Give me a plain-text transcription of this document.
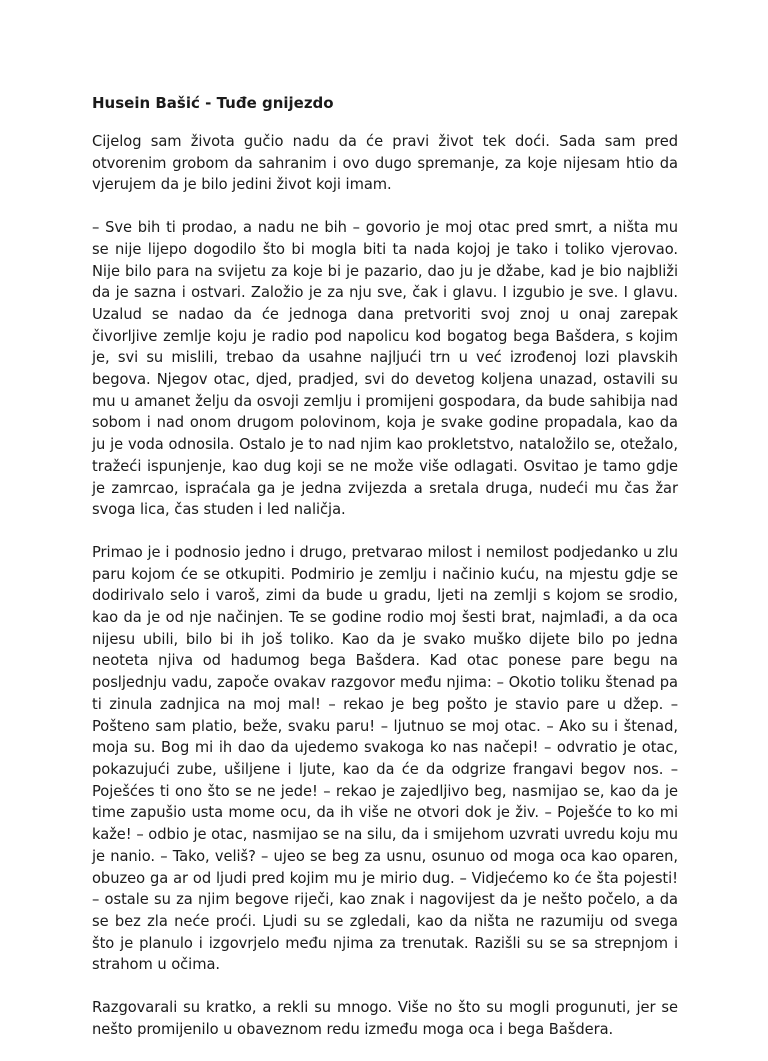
Husein Bašić - Tuđe gnijezdo

Cijelog sam života gučio nadu da će pravi život tek doći. Sada sam pred otvorenim grobom da sahranim i ovo dugo spremanje, za koje nijesam htio da vjerujem da je bilo jedini život koji imam.

– Sve bih ti prodao, a nadu ne bih – govorio je moj otac pred smrt, a ništa mu se nije lijepo dogodilo što bi mogla biti ta nada kojoj je tako i toliko vjerovao. Nije bilo para na svijetu za koje bi je pazario, dao ju je džabe, kad je bio najbliži da je sazna i ostvari. Založio je za nju sve, čak i glavu. I izgubio je sve. I glavu. Uzalud se nadao da će jednoga dana pretvoriti svoj znoj u onaj zarepak čivorljive zemlje koju je radio pod napolicu kod bogatog bega Bašdera, s kojim je, svi su mislili, trebao da usahne najljući trn u već izrođenoj lozi plavskih begova. Njegov otac, djed, pradjed, svi do devetog koljena unazad, ostavili su mu u amanet želju da osvoji zemlju i promijeni gospodara, da bude sahibija nad sobom i nad onom drugom polovinom, koja je svake godine propadala, kao da ju je voda odnosila. Ostalo je to nad njim kao prokletstvo, nataložilo se, otežalo, tražeći ispunjenje, kao dug koji se ne može više odlagati. Osvitao je tamo gdje je zamrcao, ispraćala ga je jedna zvijezda a sretala druga, nudeći mu čas žar svoga lica, čas studen i led naličja.

Primao je i podnosio jedno i drugo, pretvarao milost i nemilost podjedanko u zlu paru kojom će se otkupiti. Podmirio je zemlju i načinio kuću, na mjestu gdje se dodirivalo selo i varoš, zimi da bude u gradu, ljeti na zemlji s kojom se srodio, kao da je od nje načinjen. Te se godine rodio moj šesti brat, najmlađi, a da oca nijesu ubili, bilo bi ih još toliko. Kao da je svako muško dijete bilo po jedna neoteta njiva od hadumog bega Bašdera. Kad otac ponese pare begu na posljednju vadu, započe ovakav razgovor među njima: – Okotio toliku štenad pa ti zinula zadnjica na moj mal! – rekao je beg pošto je stavio pare u džep. – Pošteno sam platio, beže, svaku paru! – ljutnuo se moj otac. – Ako su i štenad, moja su. Bog mi ih dao da ujedemo svakoga ko nas načepi! – odvratio je otac, pokazujući zube, ušiljene i ljute, kao da će da odgrize frangavi begov nos. – Poješćes ti ono što se ne jede! – rekao je zajedljivo beg, nasmijao se, kao da je time zapušio usta mome ocu, da ih više ne otvori dok je živ. – Poješće to ko mi kaže! – odbio je otac, nasmijao se na silu, da i smijehom uzvrati uvredu koju mu je nanio. – Tako, veliš? – ujeo se beg za usnu, osunuo od moga oca kao oparen, obuzeo ga ar od ljudi pred kojim mu je mirio dug. – Vidjećemo ko će šta pojesti! – ostale su za njim begove riječi, kao znak i nagovijest da je nešto počelo, a da se bez zla neće proći. Ljudi su se zgledali, kao da ništa ne razumiju od svega što je planulo i izgovrjelo među njima za trenutak. Razišli su se sa strepnjom i strahom u očima.

Razgovarali su kratko, a rekli su mnogo. Više no što su mogli progunuti, jer se nešto promijenilo u obaveznom redu između moga oca i bega Bašdera.
